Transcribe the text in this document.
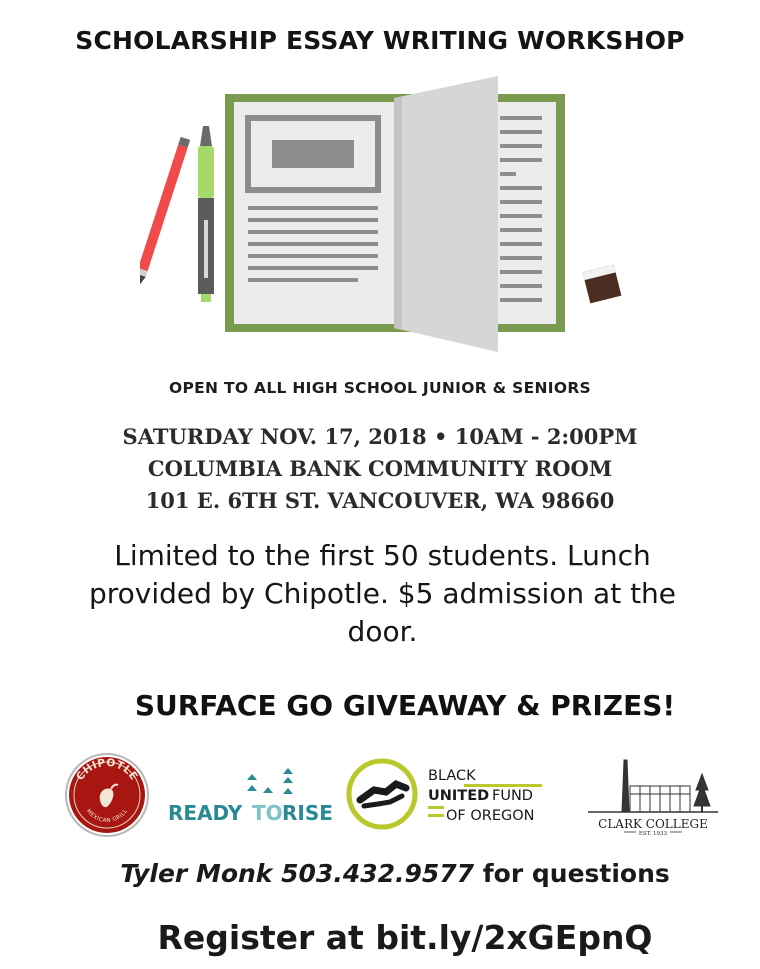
SCHOLARSHIP ESSAY WRITING WORKSHOP
OPEN TO ALL HIGH SCHOOL JUNIOR & SENIORS
SATURDAY NOV. 17, 2018 • 10AM - 2:00PM
COLUMBIA BANK COMMUNITY ROOM
101 E. 6TH ST. VANCOUVER, WA 98660
Limited to the first 50 students. Lunch provided by Chipotle. $5 admission at the door.
SURFACE GO GIVEAWAY & PRIZES!
CHIPOTLE
MEXICAN GRILL READY TO RISE
BLACK
UNITED FUND
OF OREGON	CLARK COLLEGE
EST. 1933
Tyler Monk 503.432.9577 for questions
Register at bit.ly/2xGEpnQ
